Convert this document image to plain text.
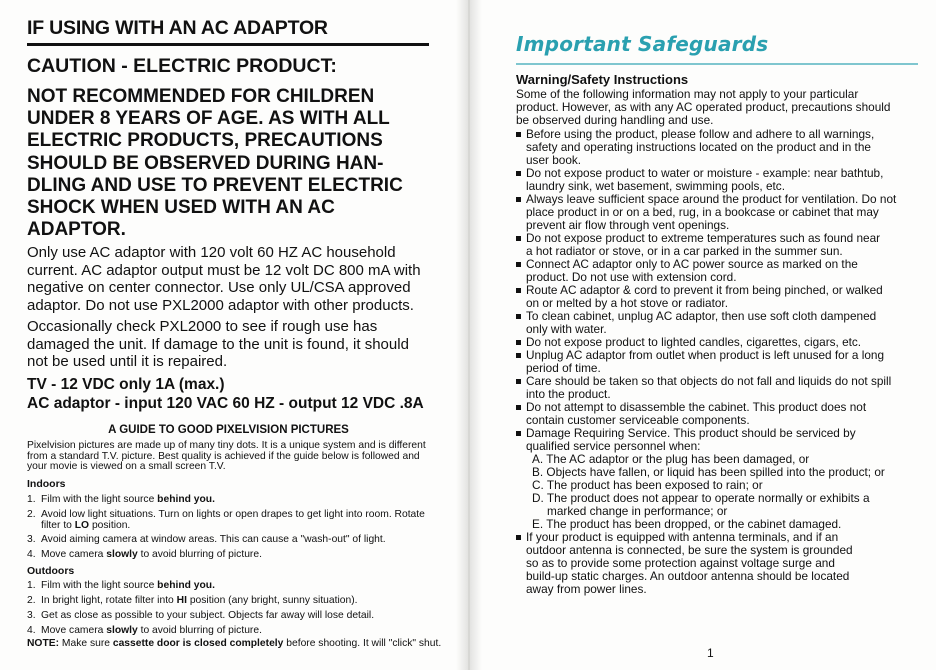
IF USING WITH AN AC ADAPTOR
CAUTION - ELECTRIC PRODUCT:
NOT RECOMMENDED FOR CHILDREN
UNDER 8 YEARS OF AGE. AS WITH ALL
ELECTRIC PRODUCTS, PRECAUTIONS
SHOULD BE OBSERVED DURING HAN-
DLING AND USE TO PREVENT ELECTRIC
SHOCK WHEN USED WITH AN AC
ADAPTOR.
Only use AC adaptor with 120 volt 60 HZ AC household
current. AC adaptor output must be 12 volt DC 800 mA with
negative on center connector. Use only UL/CSA approved
adaptor. Do not use PXL2000 adaptor with other products.
Occasionally check PXL2000 to see if rough use has
damaged the unit. If damage to the unit is found, it should
not be used until it is repaired.
TV - 12 VDC only 1A (max.)
AC adaptor - input 120 VAC 60 HZ - output 12 VDC .8A
A GUIDE TO GOOD PIXELVISION PICTURES
Pixelvision pictures are made up of many tiny dots. It is a unique system and is different
from a standard T.V. picture. Best quality is achieved if the guide below is followed and
your movie is viewed on a small screen T.V.
Indoors
1. Film with the light source behind you.
2. Avoid low light situations. Turn on lights or open drapes to get light into room. Rotate
filter to LO position.
3. Avoid aiming camera at window areas. This can cause a "wash-out" of light.
4. Move camera slowly to avoid blurring of picture.
Outdoors
1. Film with the light source behind you.
2. In bright light, rotate filter into HI position (any bright, sunny situation).
3. Get as close as possible to your subject. Objects far away will lose detail.
4. Move camera slowly to avoid blurring of picture.
NOTE: Make sure cassette door is closed completely before shooting. It will "click" shut.
Important Safeguards
Warning/Safety Instructions
Some of the following information may not apply to your particular
product. However, as with any AC operated product, precautions should
be observed during handling and use.
Before using the product, please follow and adhere to all warnings,
safety and operating instructions located on the product and in the
user book.
Do not expose product to water or moisture - example: near bathtub,
laundry sink, wet basement, swimming pools, etc.
Always leave sufficient space around the product for ventilation. Do not
place product in or on a bed, rug, in a bookcase or cabinet that may
prevent air flow through vent openings.
Do not expose product to extreme temperatures such as found near
a hot radiator or stove, or in a car parked in the summer sun.
Connect AC adaptor only to AC power source as marked on the
product. Do not use with extension cord.
Route AC adaptor & cord to prevent it from being pinched, or walked
on or melted by a hot stove or radiator.
To clean cabinet, unplug AC adaptor, then use soft cloth dampened
only with water.
Do not expose product to lighted candles, cigarettes, cigars, etc.
Unplug AC adaptor from outlet when product is left unused for a long
period of time.
Care should be taken so that objects do not fall and liquids do not spill
into the product.
Do not attempt to disassemble the cabinet. This product does not
contain customer serviceable components.
Damage Requiring Service. This product should be serviced by
qualified service personnel when:
A. The AC adaptor or the plug has been damaged, or
B. Objects have fallen, or liquid has been spilled into the product; or
C. The product has been exposed to rain; or
D. The product does not appear to operate normally or exhibits a
marked change in performance; or
E. The product has been dropped, or the cabinet damaged.
If your product is equipped with antenna terminals, and if an
outdoor antenna is connected, be sure the system is grounded
so as to provide some protection against voltage surge and
build-up static charges. An outdoor antenna should be located
away from power lines.
1
